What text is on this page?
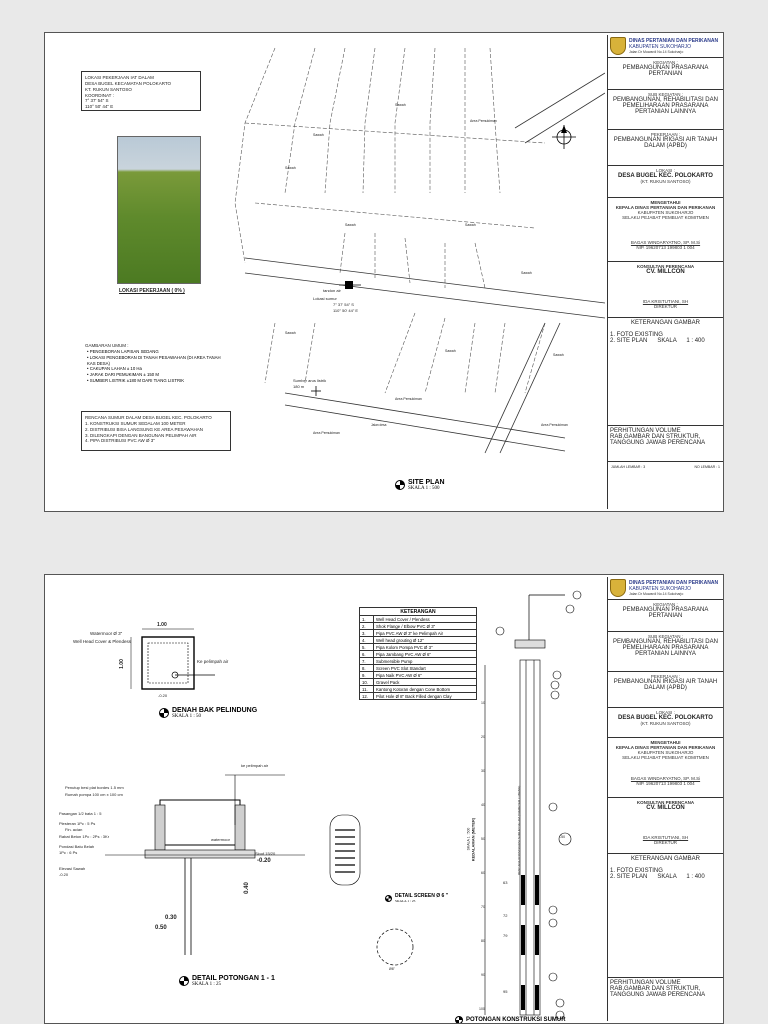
LOKASI PEKERJAAN IAT DALAM
DESA BUGEL KECAMATAN POLOKARTO
KT. RUKUN SANTOSO
KOORDINAT :
7° 37' 54" S
110° 50' 44" E
LOKASI PEKERJAAN ( 0% )
GAMBARAN UMUM :
• PENGEBORAN LAPISAN SEDANG
• LOKASI PENGEBORAN DI TANAH PESAWAHAN (DI AREA TANAH KAS DESA)
• CAKUPAN LAHAN ± 10 Ha
• JARAK DARI PEMUKIMAN ± 150 M
• SUMBER LISTRIK ±180 M DARI TIANG LISTRIK
RENCANA SUMUR DALAM DESA BUGEL KEC. POLOKARTO
1. KONSTRUKSI SUMUR SEDALAM 100 METER
2. DISTRIBUSI BISA LANGSUNG KE AREA PESAWAHAN
3. DILENGKAPI DENGAN BANGUNAN PELIMPAH AIR
4. PIPA DISTRIBUSI PVC AW Ø 3"
Sawah
Sawah
Sawah
Sawah	Sawah
Sawah
Sawah
Sawah
Sawah
Area Pemukiman
Area Pemukiman
Area Pemukiman
Area Pemukiman
Jalan desa
tandon air
Lokasi sumur
7° 37' 54" S
110° 50' 44" E
Sumber arus listrik
180 m
SITE PLAN
SKALA 1 : 500
DINAS PERTANIAN DAN PERIKANAN
KABUPATEN SUKOHARJO
Jalan Dr Muwardi No.14 Sukoharjo
KEGIATAN :
PEMBANGUNAN PRASARANA PERTANIAN
SUB KEGIATAN :
PEMBANGUNAN, REHABILITASI DAN PEMELIHARAAN PRASARANA PERTANIAN LAINNYA
PEKERJAAN :
PEMBANGUNAN IRIGASI AIR TANAH DALAM (APBD)
LOKASI :
DESA BUGEL KEC. POLOKARTO
(KT. RUKUN SANTOSO)
MENGETAHUI
KEPALA DINAS PERTANIAN DAN PERIKANAN
KABUPATEN SUKOHARJO
SELAKU PEJABAT PEMBUAT KOMITMEN
BAGAS WINDARYATNO, SP. M.Si
NIP. 19620713 199803 1 004
KONSULTAN PERENCANA
CV. MILLCON
IDA KRISTUTIANI, SH
DIREKTUR
KETERANGAN GAMBAR
1. FOTO EXISTING
2. SITE PLAN      SKALA      1 : 400
PERHITUNGAN VOLUME RAB,GAMBAR DAN STRUKTUR, TANGGUNG JAWAB PERENCANA
JUMLAH LEMBAR : 3	NO LEMBAR : 1
1.00
1.00
Watermoor Ø 3"
Well Head Cover & Plendess
Ke pelimpah air
-0.20
DENAH BAK PELINDUNG
SKALA 1 : 50
ke pelimpah air
Penutup besi plat bordes 1.5 mm
Rumah pompa 100 cm x 100 cm
Pasangan 1/2 bata 1 : 5
Plesteran 1Pc : 5 Ps
Fin. acian
Rabat Beton 1Pc : 2Ps : 3Kr
Pondasi Batu Belah
1Pc : 6 Ps
Elevasi Sawah
-0.20
watermoor
Sloof 15/20
-0.20
0.30
0.50
0.40
DETAIL POTONGAN 1 - 1
SKALA 1 : 25
KETERANGAN	
1.	Well Head Cover / Plendess
2.	Shok Flange / Elbow PVC Ø 3"
3.	Pipa PVC AW Ø 3" ke Pelimpah Air
4.	Well head grouting Ø 12"
5.	Pipa Kolom Pompa PVC Ø 3"
6.	Pipa Jambang PVC AW Ø 6"
7.	Submersible Pump
8.	Screen PVC Slot Standart
9.	Pipa Naik PVC AW Ø 6"
10.	Gravel Pack
11.	Kantong Kotoran dengan Cone Bottom
12.	Pilot Hole Ø 8" Back Filled dengan Clay
DETAIL SCREEN Ø 6 "
SKALA 1 : 25
Ø6"
KEDALAMAN (METER)
SKALA 1 : 500
10
20
30
40
50
60
70
80
90
100
63
72
79
95
RENCANA KONSTRUKSI SUMUR DALAM (DIAMETER LUBANG)	-50
POTONGAN KONSTRUKSI SUMUR
DINAS PERTANIAN DAN PERIKANAN
KABUPATEN SUKOHARJO
Jalan Dr Muwardi No.14 Sukoharjo
KEGIATAN :
PEMBANGUNAN PRASARANA PERTANIAN
SUB KEGIATAN :
PEMBANGUNAN, REHABILITASI DAN PEMELIHARAAN PRASARANA PERTANIAN LAINNYA
PEKERJAAN :
PEMBANGUNAN IRIGASI AIR TANAH DALAM (APBD)
LOKASI :
DESA BUGEL KEC. POLOKARTO
(KT. RUKUN SANTOSO)
MENGETAHUI
KEPALA DINAS PERTANIAN DAN PERIKANAN
KABUPATEN SUKOHARJO
SELAKU PEJABAT PEMBUAT KOMITMEN
BAGAS WINDARYATNO, SP. M.Si
NIP. 19620713 199803 1 004
KONSULTAN PERENCANA
CV. MILLCON
IDA KRISTUTIANI, SH
DIREKTUR
KETERANGAN GAMBAR
1. FOTO EXISTING
2. SITE PLAN      SKALA      1 : 400
PERHITUNGAN VOLUME RAB,GAMBAR DAN STRUKTUR, TANGGUNG JAWAB PERENCANA
